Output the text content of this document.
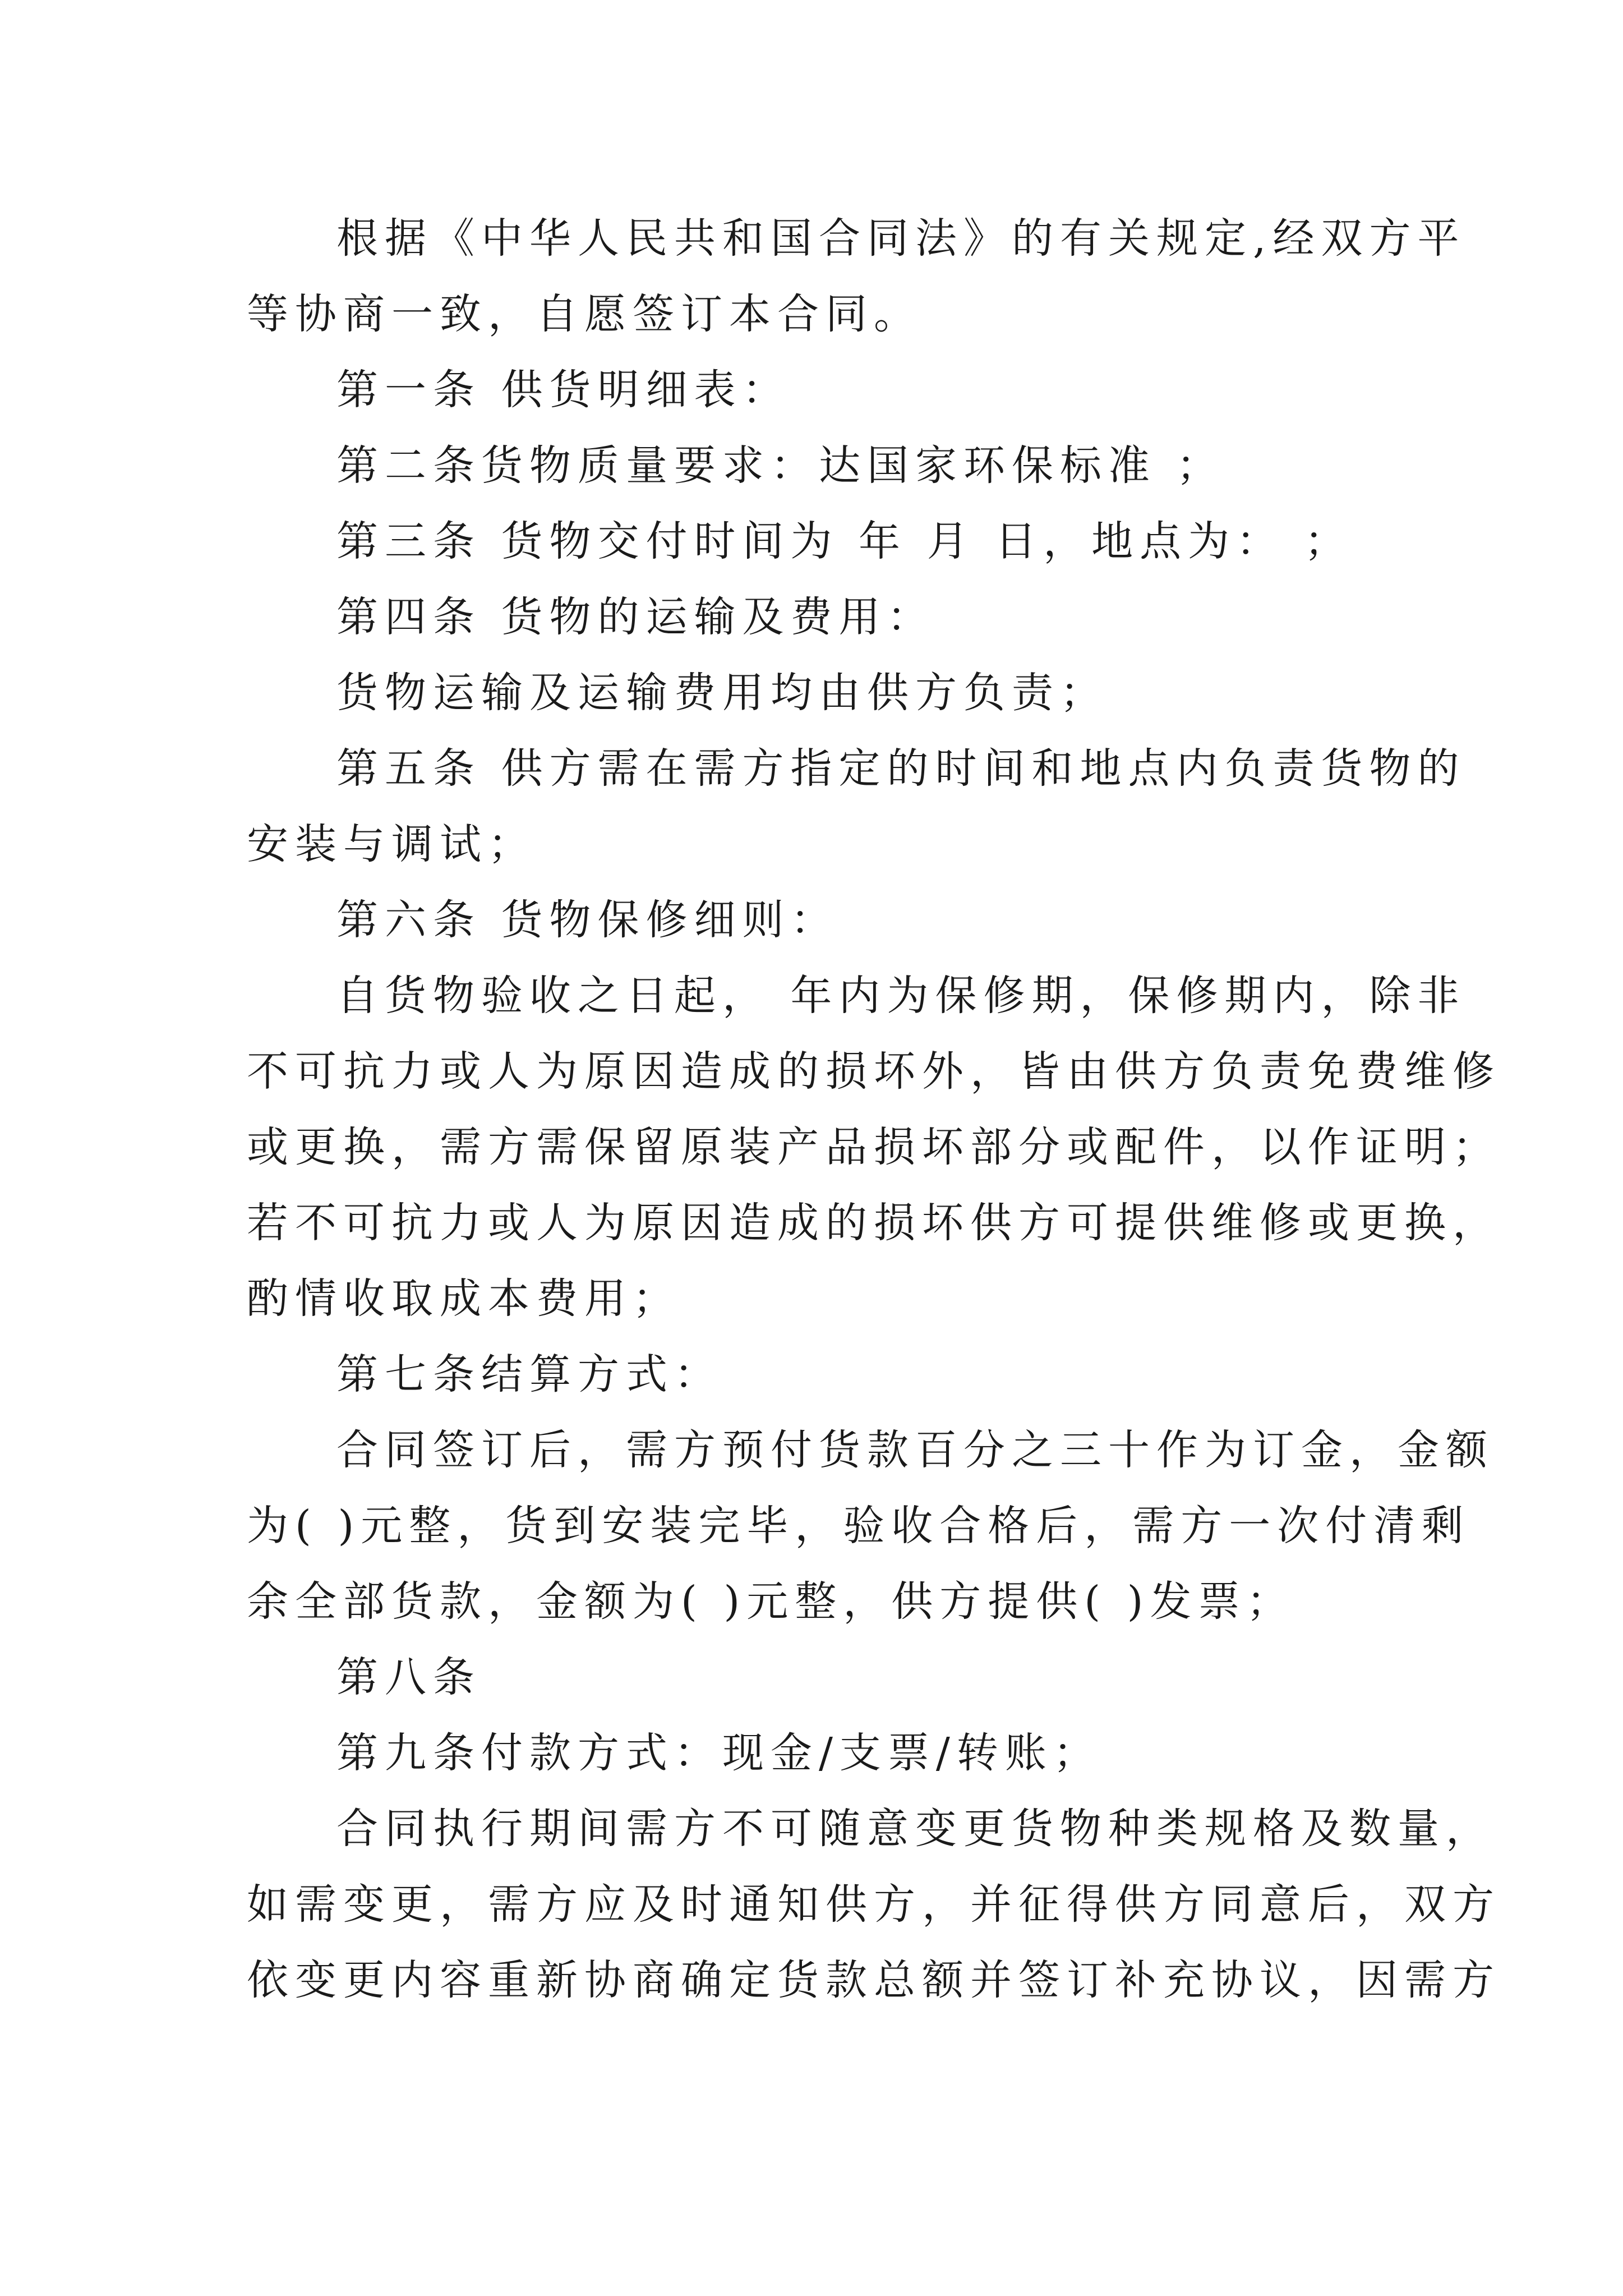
根据《中华人民共和国合同法》的有关规定,经双方平

等协商一致，自愿签订本合同。

第一条 供货明细表：

第二条货物质量要求：达国家环保标准 ；

第三条 货物交付时间为 年 月 日，地点为： ；

第四条 货物的运输及费用：

货物运输及运输费用均由供方负责；

第五条 供方需在需方指定的时间和地点内负责货物的

安装与调试；

第六条 货物保修细则：

自货物验收之日起， 年内为保修期，保修期内，除非

不可抗力或人为原因造成的损坏外，皆由供方负责免费维修

或更换，需方需保留原装产品损坏部分或配件，以作证明；

若不可抗力或人为原因造成的损坏供方可提供维修或更换，

酌情收取成本费用；

第七条结算方式：

合同签订后，需方预付货款百分之三十作为订金，金额

为( )元整，货到安装完毕，验收合格后，需方一次付清剩

余全部货款，金额为( )元整，供方提供( )发票；

第八条

第九条付款方式：现金/支票/转账；

合同执行期间需方不可随意变更货物种类规格及数量，

如需变更，需方应及时通知供方，并征得供方同意后，双方

依变更内容重新协商确定货款总额并签订补充协议，因需方
